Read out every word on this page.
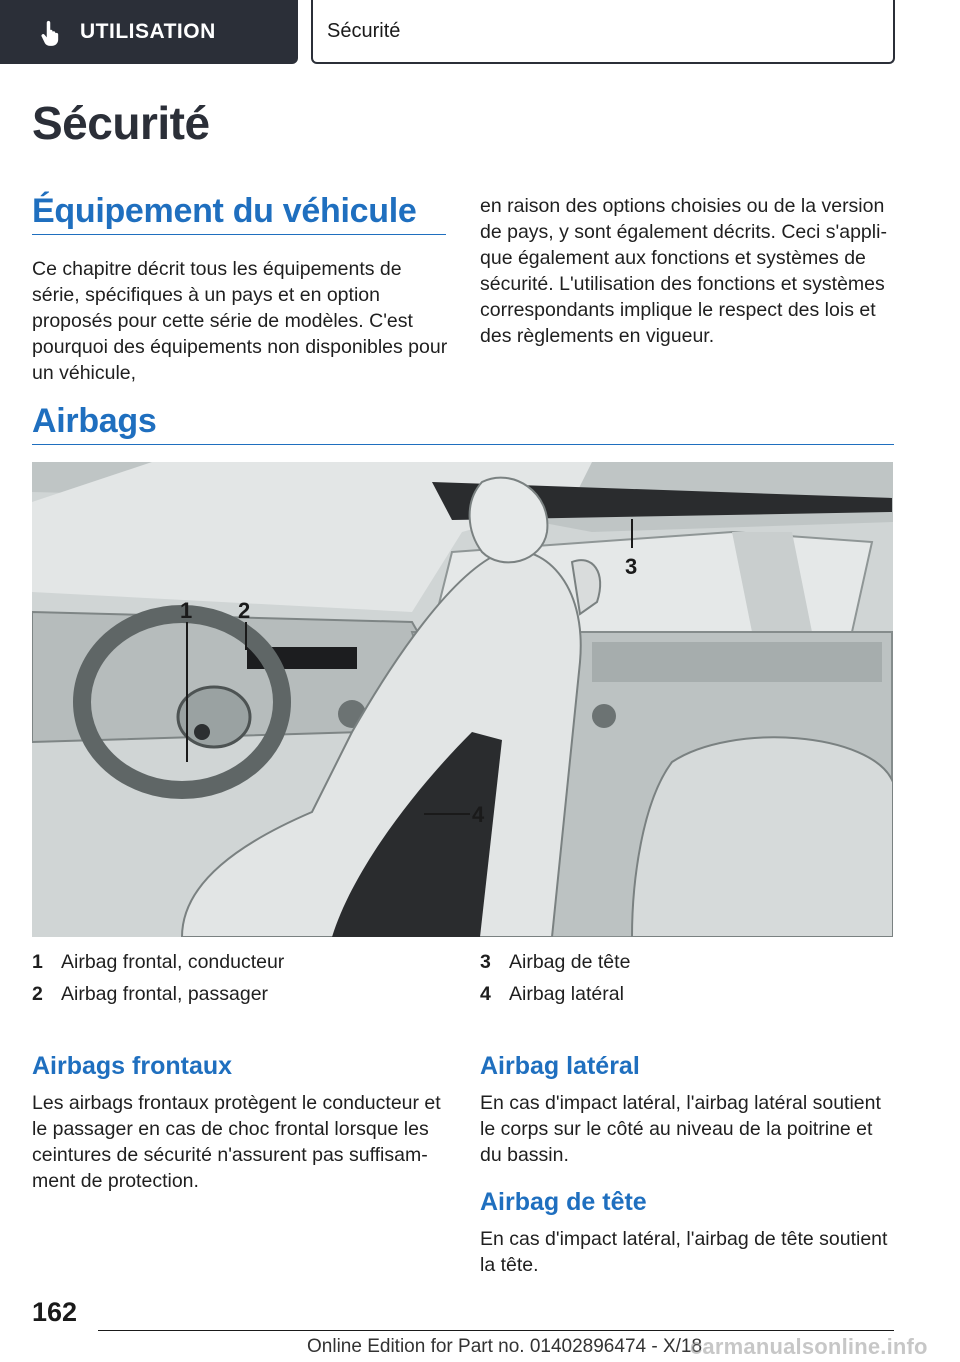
UTILISATION	Sécurité
Sécurité
Équipement du véhicule

Ce chapitre décrit tous les équipements de série, spécifiques à un pays et en option proposés pour cette série de modèles. C'est pourquoi des équipements non disponibles pour un véhicule,

en raison des options choisies ou de la version de pays, y sont également décrits. Ceci s'applique également aux fonctions et systèmes de sécurité. L'utilisation des fonctions et systèmes correspondants implique le respect des lois et des règlements en vigueur.

Airbags
1 2
3
4
1 Airbag frontal, conducteur
2 Airbag frontal, passager
3 Airbag de tête
4 Airbag latéral
Airbags frontaux

Les airbags frontaux protègent le conducteur et le passager en cas de choc frontal lorsque les ceintures de sécurité n'assurent pas suffisamment de protection.

Airbag latéral

En cas d'impact latéral, l'airbag latéral soutient le corps sur le côté au niveau de la poitrine et du bassin.

Airbag de tête

En cas d'impact latéral, l'airbag de tête soutient la tête.

162
Online Edition for Part no. 01402896474 - X/18
carmanualsonline.info
